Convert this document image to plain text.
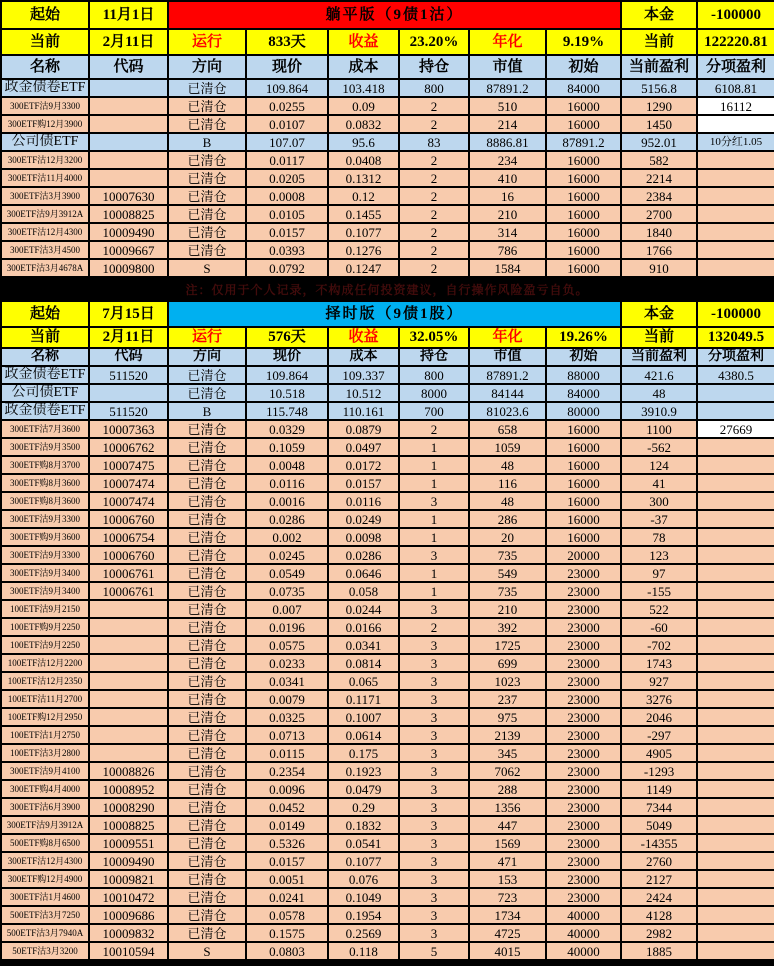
起始	11月1日	躺平版（9债1沽）						本金	-100000
当前	2月11日	运行	833天	收益	23.20%	年化	9.19%	当前	122220.81
名称	代码	方向	现价	成本	持仓	市值	初始	当前盈利	分项盈利
政金债卷ETF		已清仓	109.864	103.418	800	87891.2	84000	5156.8	6108.81
300ETF沽9月3300		已清仓	0.0255	0.09	2	510	16000	1290	16112
300ETF购12月3900		已清仓	0.0107	0.0832	2	214	16000	1450	
公司债ETF		B	107.07	95.6	83	8886.81	87891.2	952.01	10分红1.05
300ETF沽12月3200		已清仓	0.0117	0.0408	2	234	16000	582	
300ETF沽11月4000		已清仓	0.0205	0.1312	2	410	16000	2214	
300ETF沽3月3900	10007630	已清仓	0.0008	0.12	2	16	16000	2384	
300ETF沽9月3912A	10008825	已清仓	0.0105	0.1455	2	210	16000	2700	
300ETF沽12月4300	10009490	已清仓	0.0157	0.1077	2	314	16000	1840	
300ETF沽3月4500	10009667	已清仓	0.0393	0.1276	2	786	16000	1766	
300ETF沽3月4678A	10009800	S	0.0792	0.1247	2	1584	16000	910	
注：仅用于个人记录，不构成任何投资建议，自行操作风险盈亏自负。
起始	7月15日	择时版（9债1股）						本金	-100000
当前	2月11日	运行	576天	收益	32.05%	年化	19.26%	当前	132049.5
名称	代码	方向	现价	成本	持仓	市值	初始	当前盈利	分项盈利
政金债卷ETF	511520	已清仓	109.864	109.337	800	87891.2	88000	421.6	4380.5
公司债ETF		已清仓	10.518	10.512	8000	84144	84000	48	
政金债卷ETF	511520	B	115.748	110.161	700	81023.6	80000	3910.9	
300ETF沽7月3600	10007363	已清仓	0.0329	0.0879	2	658	16000	1100	27669
300ETF沽9月3500	10006762	已清仓	0.1059	0.0497	1	1059	16000	-562	
300ETF购8月3700	10007475	已清仓	0.0048	0.0172	1	48	16000	124	
300ETF购8月3600	10007474	已清仓	0.0116	0.0157	1	116	16000	41	
300ETF购8月3600	10007474	已清仓	0.0016	0.0116	3	48	16000	300	
300ETF沽9月3300	10006760	已清仓	0.0286	0.0249	1	286	16000	-37	
300ETF购9月3600	10006754	已清仓	0.002	0.0098	1	20	16000	78	
300ETF沽9月3300	10006760	已清仓	0.0245	0.0286	3	735	20000	123	
300ETF沽9月3400	10006761	已清仓	0.0549	0.0646	1	549	23000	97	
300ETF沽9月3400	10006761	已清仓	0.0735	0.058	1	735	23000	-155	
100ETF沽9月2150		已清仓	0.007	0.0244	3	210	23000	522	
100ETF购9月2250		已清仓	0.0196	0.0166	2	392	23000	-60	
100ETF沽9月2250		已清仓	0.0575	0.0341	3	1725	23000	-702	
100ETF沽12月2200		已清仓	0.0233	0.0814	3	699	23000	1743	
100ETF沽12月2350		已清仓	0.0341	0.065	3	1023	23000	927	
100ETF沽11月2700		已清仓	0.0079	0.1171	3	237	23000	3276	
100ETF购12月2950		已清仓	0.0325	0.1007	3	975	23000	2046	
100ETF沽1月2750		已清仓	0.0713	0.0614	3	2139	23000	-297	
100ETF沽3月2800		已清仓	0.0115	0.175	3	345	23000	4905	
300ETF沽9月4100	10008826	已清仓	0.2354	0.1923	3	7062	23000	-1293	
300ETF购4月4000	10008952	已清仓	0.0096	0.0479	3	288	23000	1149	
300ETF沽6月3900	10008290	已清仓	0.0452	0.29	3	1356	23000	7344	
300ETF沽9月3912A	10008825	已清仓	0.0149	0.1832	3	447	23000	5049	
500ETF购8月6500	10009551	已清仓	0.5326	0.0541	3	1569	23000	-14355	
300ETF沽12月4300	10009490	已清仓	0.0157	0.1077	3	471	23000	2760	
300ETF购12月4900	10009821	已清仓	0.0051	0.076	3	153	23000	2127	
300ETF沽1月4600	10010472	已清仓	0.0241	0.1049	3	723	23000	2424	
500ETF沽3月7250	10009686	已清仓	0.0578	0.1954	3	1734	40000	4128	
500ETF沽3月7940A	10009832	已清仓	0.1575	0.2569	3	4725	40000	2982	
50ETF沽3月3200	10010594	S	0.0803	0.118	5	4015	40000	1885	
